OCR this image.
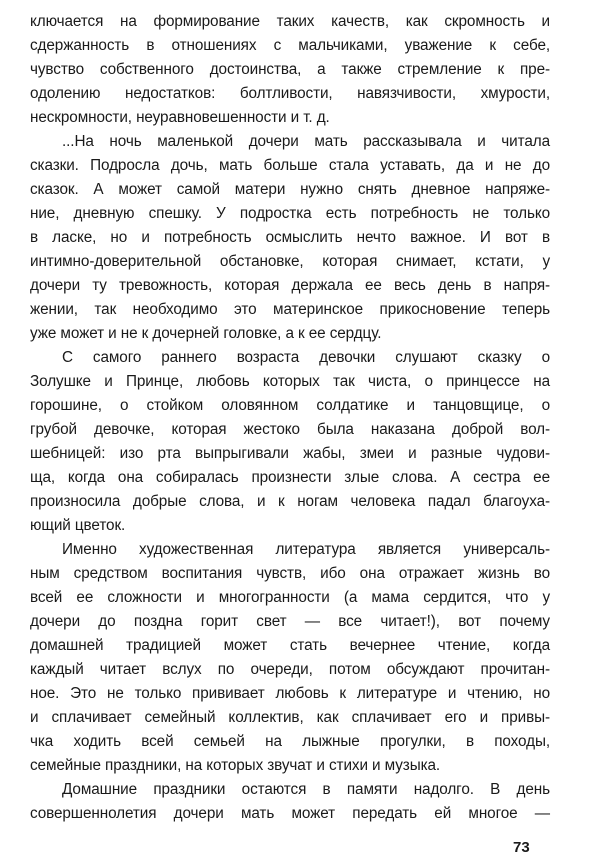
ключается на формирование таких качеств, как скромность и
сдержанность в отношениях с мальчиками, уважение к себе,
чувство собственного достоинства, а также стремление к пре-
одолению недостатков: болтливости, навязчивости, хмурости,
нескромности, неуравновешенности и т. д.
...На ночь маленькой дочери мать рассказывала и читала
сказки. Подросла дочь, мать больше стала уставать, да и не до
сказок. А может самой матери нужно снять дневное напряже-
ние, дневную спешку. У подростка есть потребность не только
в ласке, но и потребность осмыслить нечто важное. И вот в
интимно-доверительной обстановке, которая снимает, кстати, у
дочери ту тревожность, которая держала ее весь день в напря-
жении, так необходимо это материнское прикосновение теперь
уже может и не к дочерней головке, а к ее сердцу.
С самого раннего возраста девочки слушают сказку о
Золушке и Принце, любовь которых так чиста, о принцессе на
горошине, о стойком оловянном солдатике и танцовщице, о
грубой девочке, которая жестоко была наказана доброй вол-
шебницей: изо рта выпрыгивали жабы, змеи и разные чудови-
ща, когда она собиралась произнести злые слова. А сестра ее
произносила добрые слова, и к ногам человека падал благоуха-
ющий цветок.
Именно художественная литература является универсаль-
ным средством воспитания чувств, ибо она отражает жизнь во
всей ее сложности и многогранности (а мама сердится, что у
дочери до поздна горит свет — все читает!), вот почему
домашней традицией может стать вечернее чтение, когда
каждый читает вслух по очереди, потом обсуждают прочитан-
ное. Это не только прививает любовь к литературе и чтению, но
и сплачивает семейный коллектив, как сплачивает его и привы-
чка ходить всей семьей на лыжные прогулки, в походы,
семейные праздники, на которых звучат и стихи и музыка.
Домашние праздники остаются в памяти надолго. В день
совершеннолетия дочери мать может передать ей многое —
73
